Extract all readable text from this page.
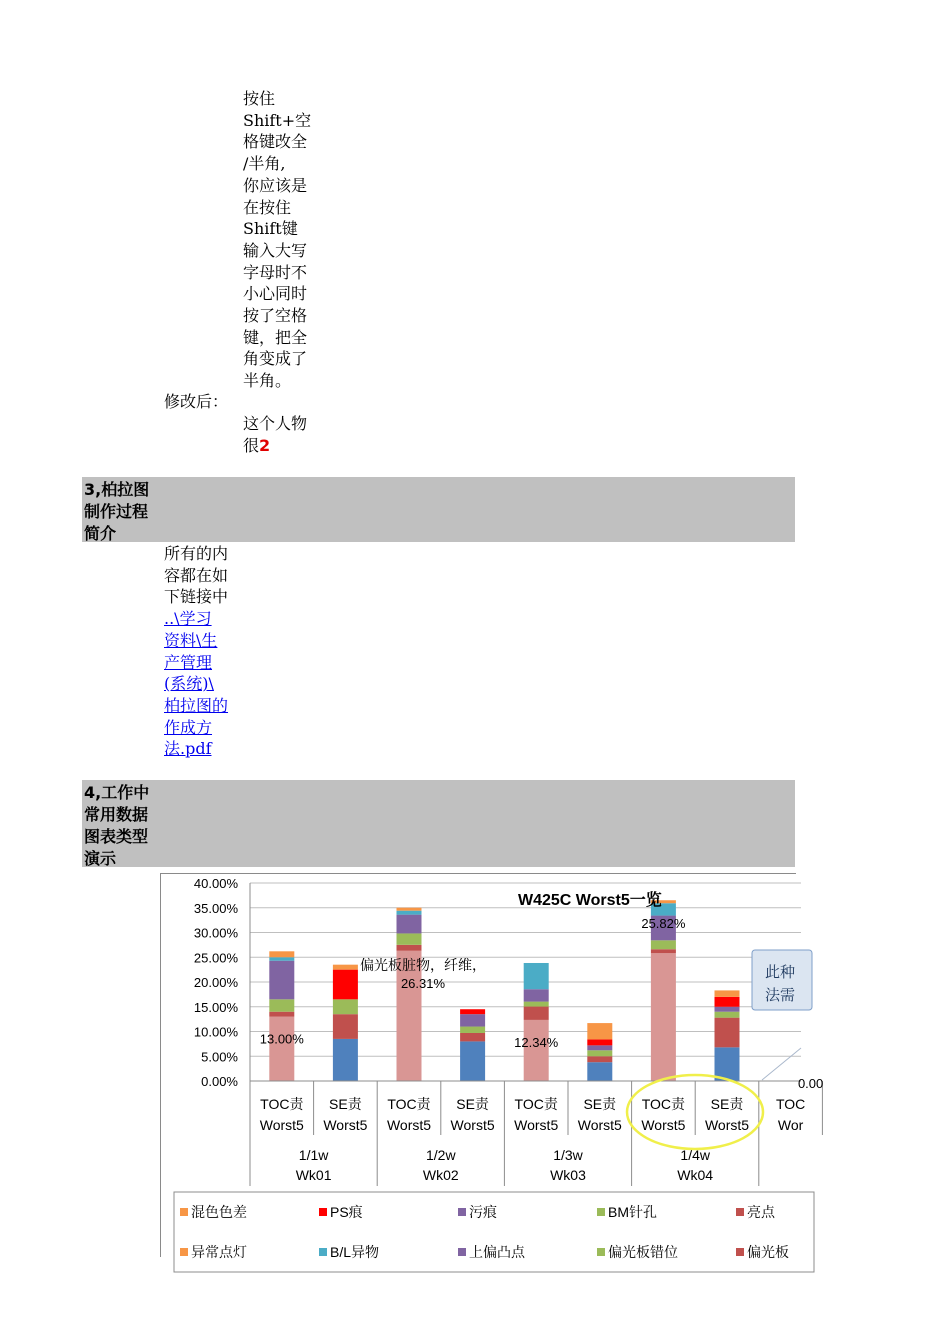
按住
Shift+空
格键改全
/半角,
你应该是
在按住
Shift键
输入大写
字母时不
小心同时
按了空格
键，把全
角变成了
半角。
修改后：
这个人物
很2
3,柏拉图
制作过程
简介
所有的内
容都在如
下链接中
..\学习
资料\生
产管理
(系统)\
柏拉图的
作成方
法.pdf
4,工作中
常用数据
图表类型
演示
40.00%
35.00%
30.00%
25.00%
20.00%
15.00%
10.00%
5.00%
0.00%
TOC责
Worst5
SE责
Worst5
TOC责
Worst5
SE责
Worst5
TOC责
Worst5
SE责
Worst5
TOC责
Worst5
SE责
Worst5
TOC
Wor
1/1w
Wk01
1/2w
Wk02
1/3w
Wk03
1/4w
Wk04
W425C Worst5一览
13.00%	12.34%
25.82%
0.00
偏光板脏物，纤维，
26.31%
此种
法需
混色色差	PS痕	污痕	BM针孔	亮点
异常点灯	B/L异物	上偏凸点	偏光板错位	偏光板
